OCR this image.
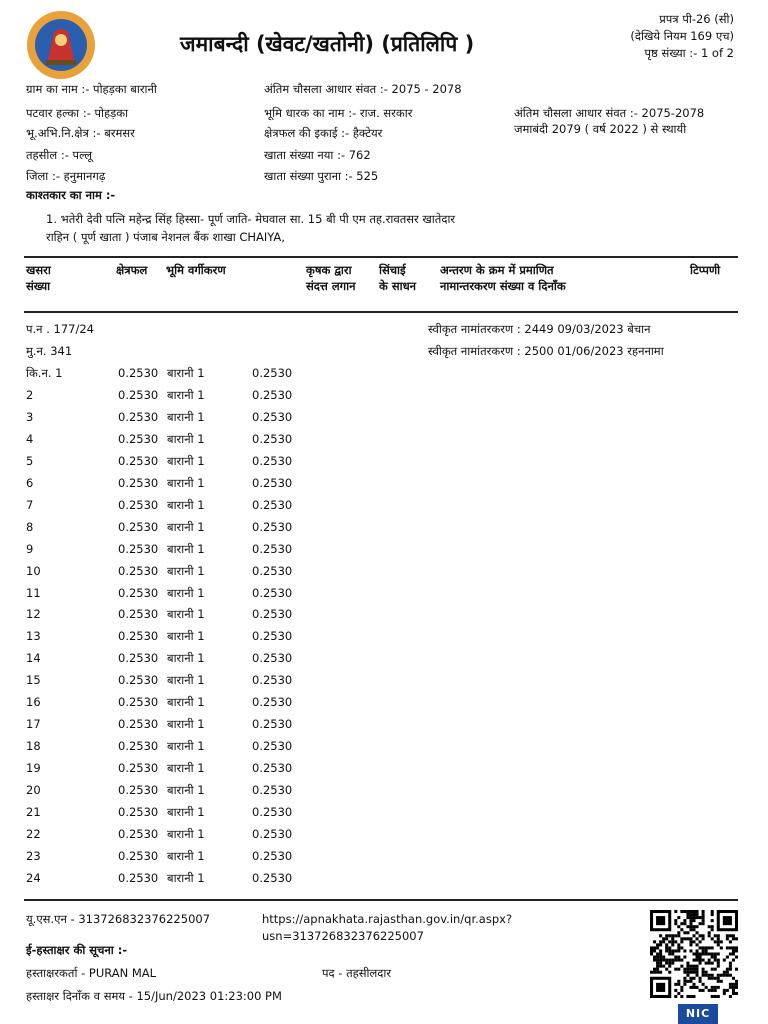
जमाबन्दी (खेवट/खतोनी) (प्रतिलिपि )
प्रपत्र पी-26 (सी)
(देखिये नियम 169 एच)
पृष्ठ संख्या :- 1 of 2
ग्राम का नाम :- पोहड़का बारानी	अंतिम चौसला आधार संवत :- 2075 - 2078
पटवार हल्का :- पोहड़का	भूमि धारक का नाम :- राज. सरकार	अंतिम चौसला आधार संवत :- 2075-2078
भू.अभि.नि.क्षेत्र :- बरमसर	क्षेत्रफल की इकाई :- हैक्टेयर	जमाबंदी 2079 ( वर्ष 2022 ) से स्थायी
तहसील :- पल्लू	खाता संख्या नया :- 762
जिला :- हनुमानगढ़	खाता संख्या पुराना :- 525
काश्तकार का नाम :-
1. भतेरी देवी पत्नि महेन्द्र सिंह हिस्सा- पूर्ण जाति- मेघवाल सा. 15 बी पी एम तह.रावतसर खातेदार
राहिन ( पूर्ण खाता ) पंजाब नेशनल बैंक शाखा CHAIYA,
खसरा
संख्या
क्षेत्रफल भूमि वर्गीकरण	कृषक द्वारा
संदत्त लगान
सिंचाई
के साधन
अन्तरण के क्रम में प्रमाणित
नामान्तरकरण संख्या व दिनाँक
टिप्पणी
प.न . 177/24	स्वीकृत नामांतरकरण : 2449 09/03/2023 बेचान
मु.न. 341	स्वीकृत नामांतरकरण : 2500 01/06/2023 रहननामा
कि.न. 1	0.2530 बारानी 1	0.2530
2	0.2530 बारानी 1	0.2530
3	0.2530 बारानी 1	0.2530
4	0.2530 बारानी 1	0.2530
5	0.2530 बारानी 1	0.2530
6	0.2530 बारानी 1	0.2530
7	0.2530 बारानी 1	0.2530
8	0.2530 बारानी 1	0.2530
9	0.2530 बारानी 1	0.2530
10	0.2530 बारानी 1	0.2530
11	0.2530 बारानी 1	0.2530
12	0.2530 बारानी 1	0.2530
13	0.2530 बारानी 1	0.2530
14	0.2530 बारानी 1	0.2530
15	0.2530 बारानी 1	0.2530
16	0.2530 बारानी 1	0.2530
17	0.2530 बारानी 1	0.2530
18	0.2530 बारानी 1	0.2530
19	0.2530 बारानी 1	0.2530
20	0.2530 बारानी 1	0.2530
21	0.2530 बारानी 1	0.2530
22	0.2530 बारानी 1	0.2530
23	0.2530 बारानी 1	0.2530
24	0.2530 बारानी 1	0.2530
यू.एस.एन - 313726832376225007	https://apnakhata.rajasthan.gov.in/qr.aspx?
usn=313726832376225007
ई-हस्ताक्षर की सूचना :-
हस्ताक्षरकर्ता - PURAN MAL	पद - तहसीलदार
हस्ताक्षर दिनाँक व समय - 15/Jun/2023 01:23:00 PM
NIC
